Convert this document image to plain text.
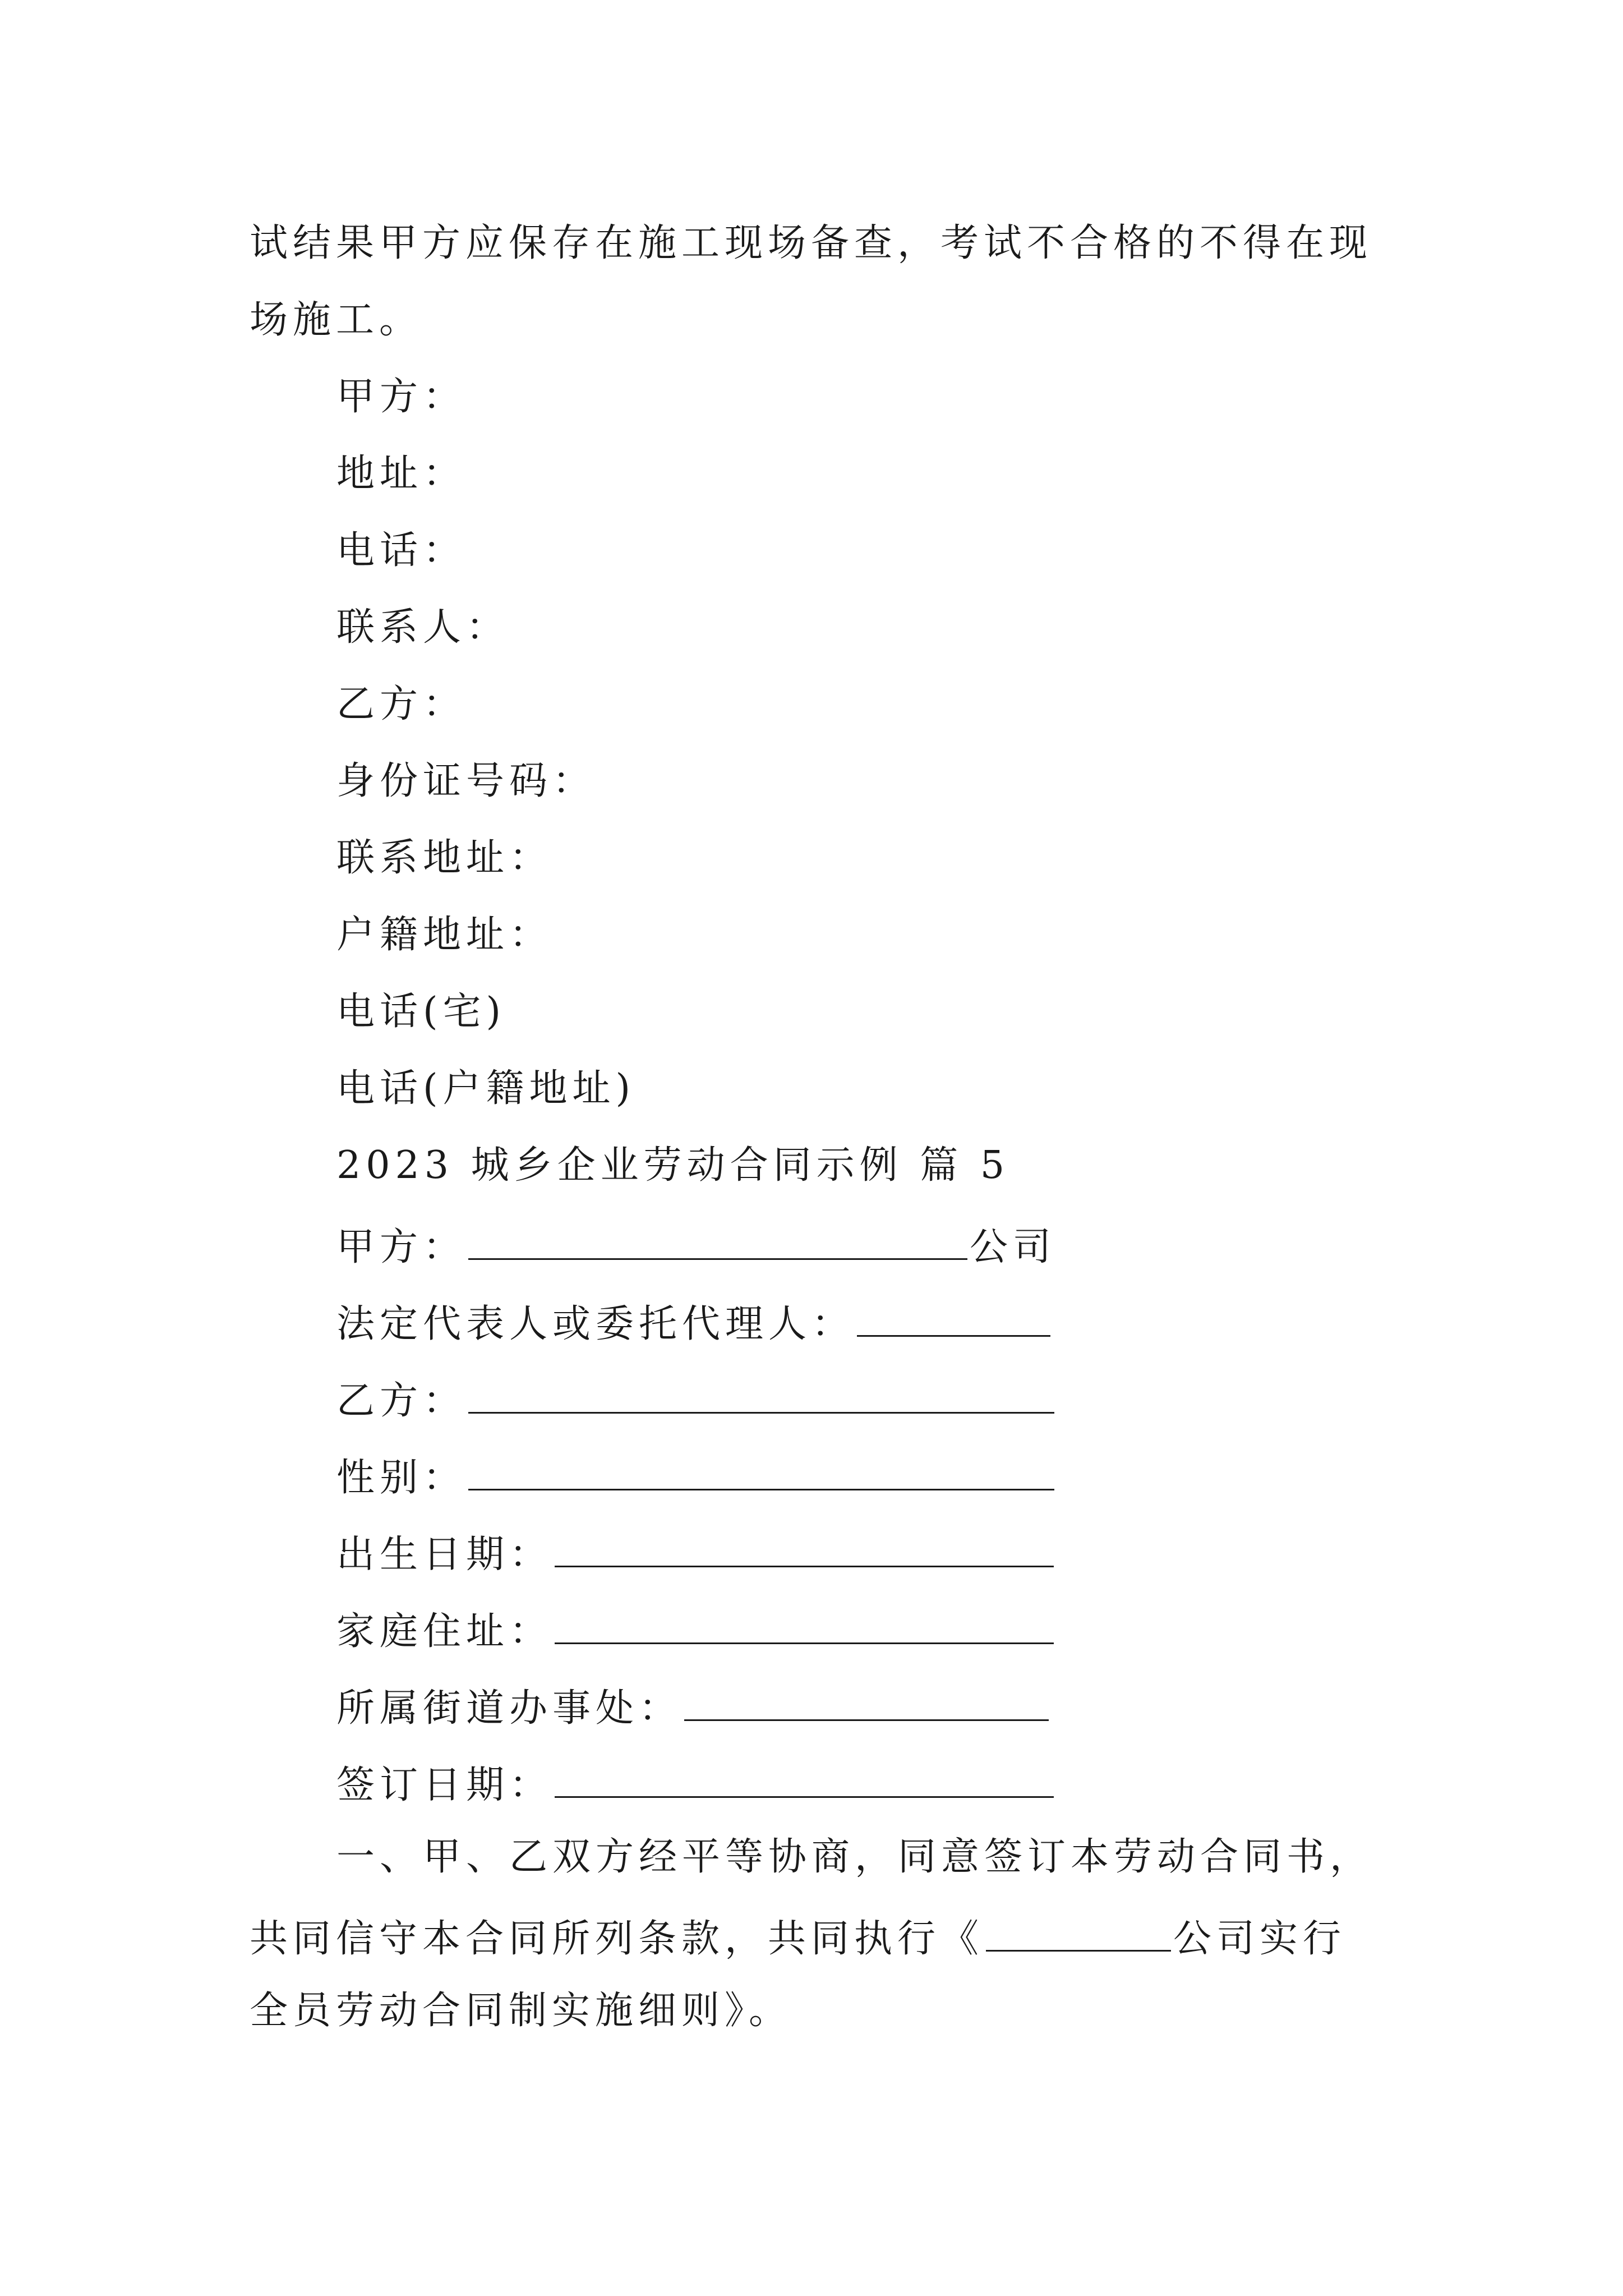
试结果甲方应保存在施工现场备查，考试不合格的不得在现
场施工。
甲方：
地址：
电话：
联系人：
乙方：
身份证号码：
联系地址：
户籍地址：
电话(宅)
电话(户籍地址)
2023 城乡企业劳动合同示例 篇 5
甲方：	公司
法定代表人或委托代理人：
乙方：
性别：
出生日期：
家庭住址：
所属街道办事处：
签订日期：
一、甲、乙双方经平等协商，同意签订本劳动合同书，
共同信守本合同所列条款，共同执行《	公司实行
全员劳动合同制实施细则》。
